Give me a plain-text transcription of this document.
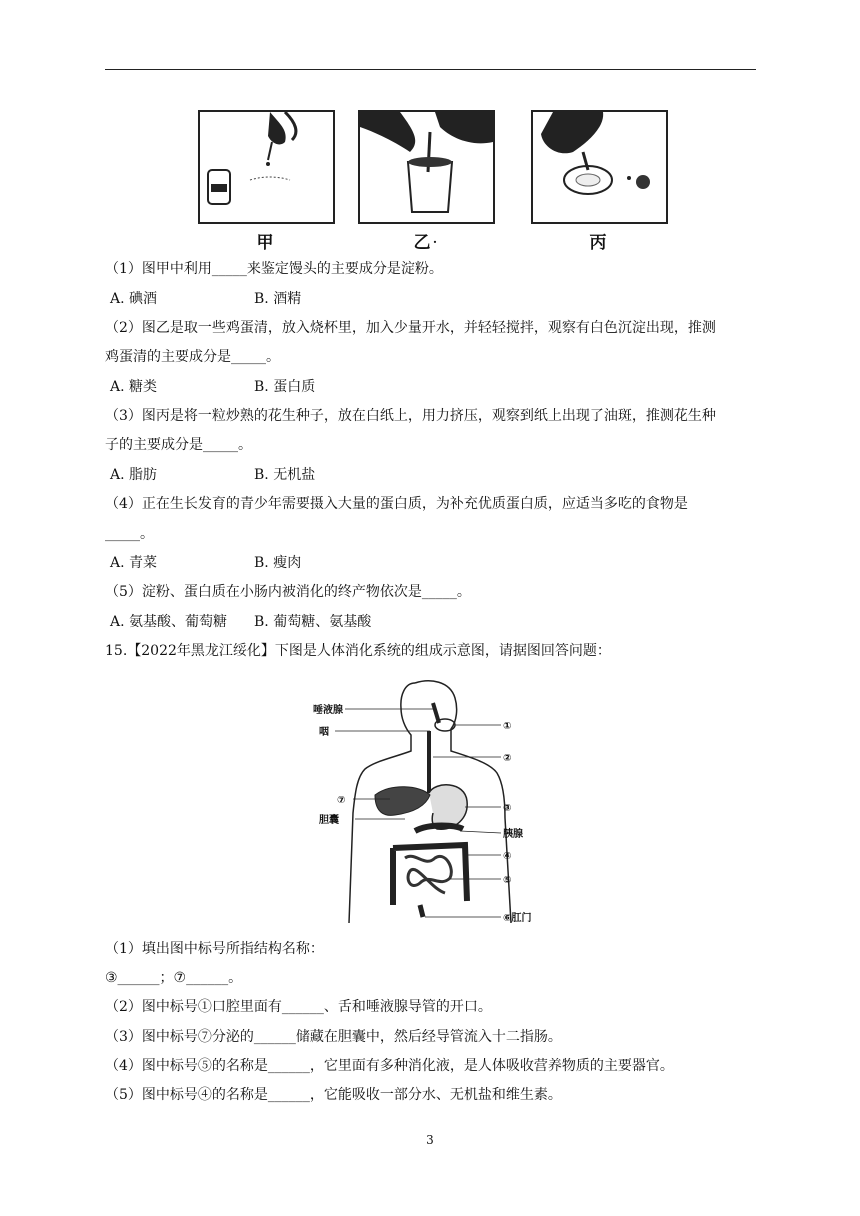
甲	乙 .	丙
（1）图甲中利用_____来鉴定馒头的主要成分是淀粉。
A. 碘酒	B. 酒精
（2）图乙是取一些鸡蛋清，放入烧杯里，加入少量开水，并轻轻搅拌，观察有白色沉淀出现，推测
鸡蛋清的主要成分是_____。
A. 糖类	B. 蛋白质
（3）图丙是将一粒炒熟的花生种子，放在白纸上，用力挤压，观察到纸上出现了油斑，推测花生种
子的主要成分是_____。
A. 脂肪	B. 无机盐
（4）正在生长发育的青少年需要摄入大量的蛋白质，为补充优质蛋白质，应适当多吃的食物是
_____。
A. 青菜	B. 瘦肉
（5）淀粉、蛋白质在小肠内被消化的终产物依次是_____。
A. 氨基酸、葡萄糖 B. 葡萄糖、氨基酸
15.【2022年黑龙江绥化】下图是人体消化系统的组成示意图，请据图回答问题：
唾液腺
咽
①
②
③
⑦
胆囊
胰腺
④
⑤
⑥肛门
（1）填出图中标号所指结构名称：
③______；⑦______。
（2）图中标号①口腔里面有______、舌和唾液腺导管的开口。
（3）图中标号⑦分泌的______储藏在胆囊中，然后经导管流入十二指肠。
（4）图中标号⑤的名称是______，它里面有多种消化液，是人体吸收营养物质的主要器官。
（5）图中标号④的名称是______，它能吸收一部分水、无机盐和维生素。
3
